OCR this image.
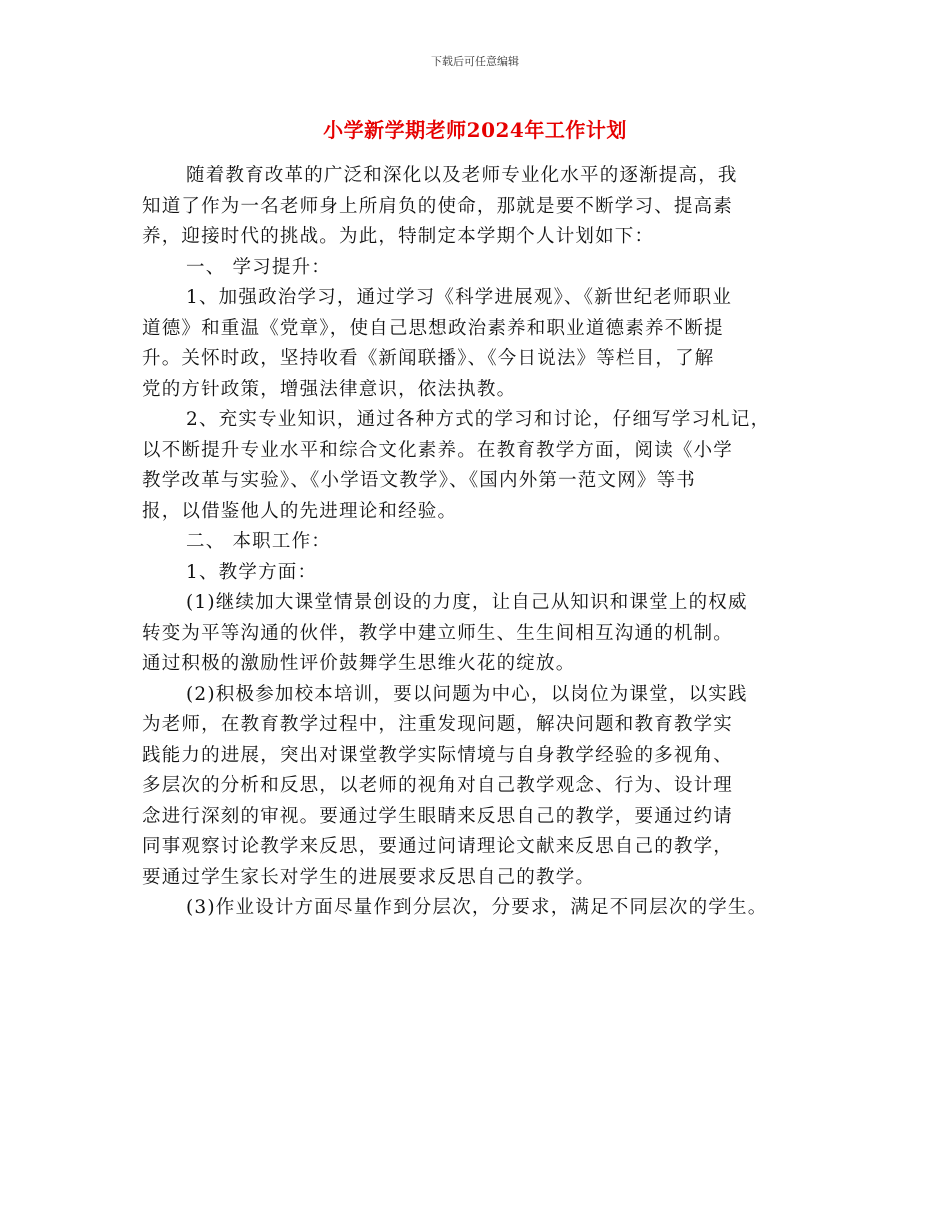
下载后可任意编辑
小学新学期老师2024年工作计划
随着教育改革的广泛和深化以及老师专业化水平的逐渐提高，我
知道了作为一名老师身上所肩负的使命，那就是要不断学习、提高素
养，迎接时代的挑战。为此，特制定本学期个人计划如下：
一、 学习提升：
1、加强政治学习，通过学习《科学进展观》、《新世纪老师职业
道德》和重温《党章》，使自己思想政治素养和职业道德素养不断提
升。关怀时政，坚持收看《新闻联播》、《今日说法》等栏目，了解
党的方针政策，增强法律意识，依法执教。
2、充实专业知识，通过各种方式的学习和讨论，仔细写学习札记，
以不断提升专业水平和综合文化素养。在教育教学方面，阅读《小学
教学改革与实验》、《小学语文教学》、《国内外第一范文网》等书
报，以借鉴他人的先进理论和经验。
二、 本职工作：
1、教学方面：
(1)继续加大课堂情景创设的力度，让自己从知识和课堂上的权威
转变为平等沟通的伙伴，教学中建立师生、生生间相互沟通的机制。
通过积极的激励性评价鼓舞学生思维火花的绽放。
(2)积极参加校本培训，要以问题为中心，以岗位为课堂，以实践
为老师，在教育教学过程中，注重发现问题，解决问题和教育教学实
践能力的进展，突出对课堂教学实际情境与自身教学经验的多视角、
多层次的分析和反思，以老师的视角对自己教学观念、行为、设计理
念进行深刻的审视。要通过学生眼睛来反思自己的教学，要通过约请
同事观察讨论教学来反思，要通过问请理论文献来反思自己的教学，
要通过学生家长对学生的进展要求反思自己的教学。
(3)作业设计方面尽量作到分层次，分要求，满足不同层次的学生。
